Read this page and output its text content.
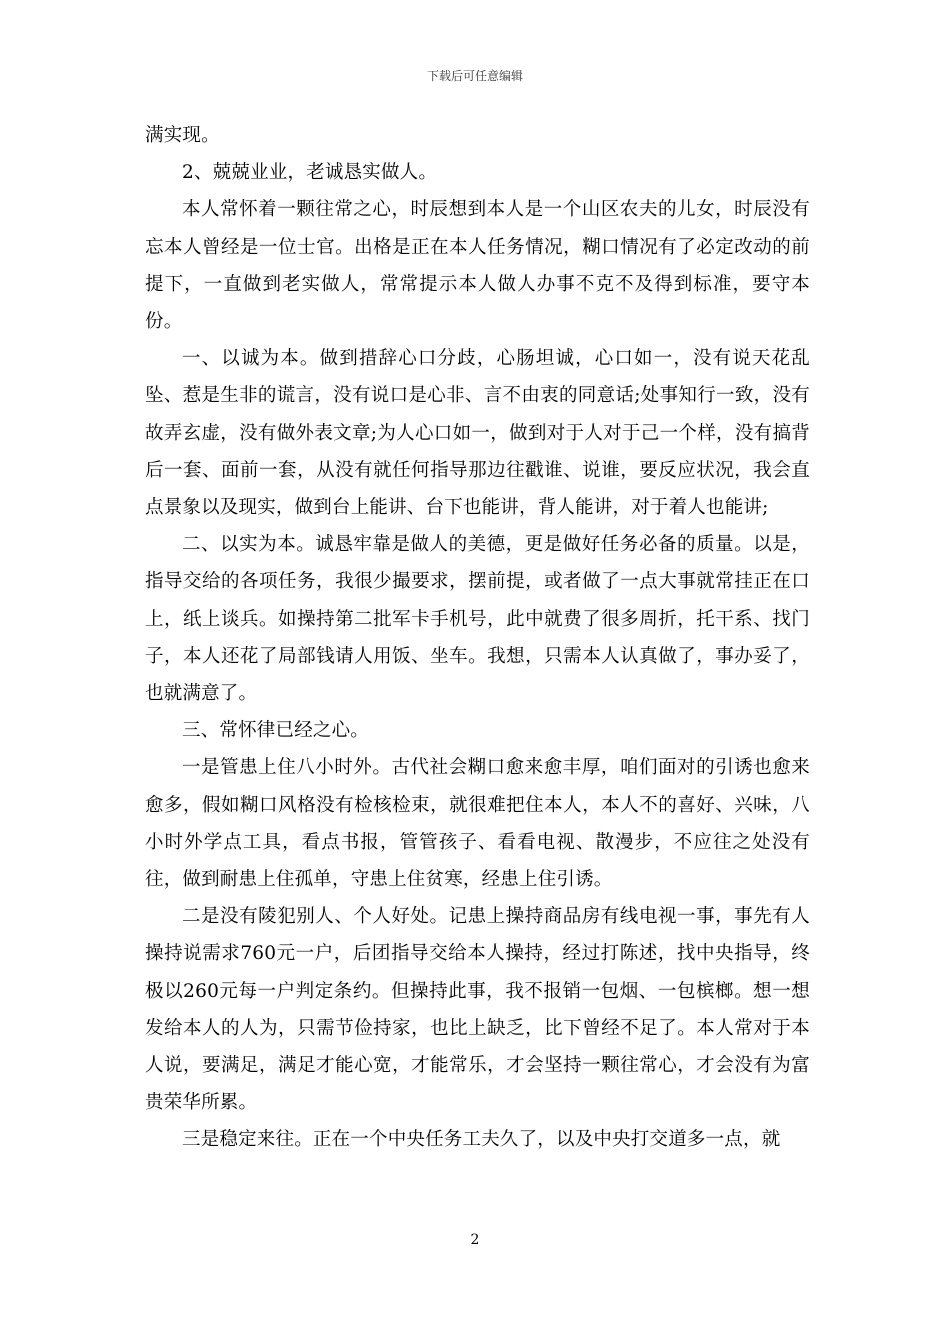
下载后可任意编辑

满实现。

2、兢兢业业，老诚恳实做人。

本人常怀着一颗往常之心，时辰想到本人是一个山区农夫的儿女，时辰没有忘本人曾经是一位士官。出格是正在本人任务情况，糊口情况有了必定改动的前提下，一直做到老实做人，常常提示本人做人办事不克不及得到标准，要守本份。

一、以诚为本。做到措辞心口分歧，心肠坦诚，心口如一，没有说天花乱坠、惹是生非的谎言，没有说口是心非、言不由衷的同意话;处事知行一致，没有故弄玄虚，没有做外表文章;为人心口如一，做到对于人对于己一个样，没有搞背后一套、面前一套，从没有就任何指导那边往戳谁、说谁，要反应状况，我会直点景象以及现实，做到台上能讲、台下也能讲，背人能讲，对于着人也能讲;

二、以实为本。诚恳牢靠是做人的美德，更是做好任务必备的质量。以是，指导交给的各项任务，我很少撮要求，摆前提，或者做了一点大事就常挂正在口上，纸上谈兵。如操持第二批军卡手机号，此中就费了很多周折，托干系、找门子，本人还花了局部钱请人用饭、坐车。我想，只需本人认真做了，事办妥了，也就满意了。

三、常怀律已经之心。

一是管患上住八小时外。古代社会糊口愈来愈丰厚，咱们面对的引诱也愈来愈多，假如糊口风格没有检核检束，就很难把住本人，本人不的喜好、兴味，八小时外学点工具，看点书报，管管孩子、看看电视、散漫步，不应往之处没有往，做到耐患上住孤单，守患上住贫寒，经患上住引诱。

二是没有陵犯别人、个人好处。记患上操持商品房有线电视一事，事先有人操持说需求760元一户，后团指导交给本人操持，经过打陈述，找中央指导，终极以260元每一户判定条约。但操持此事，我不报销一包烟、一包槟榔。想一想发给本人的人为，只需节俭持家，也比上缺乏，比下曾经不足了。本人常对于本人说，要满足，满足才能心宽，才能常乐，才会坚持一颗往常心，才会没有为富贵荣华所累。

三是稳定来往。正在一个中央任务工夫久了，以及中央打交道多一点，就

2
